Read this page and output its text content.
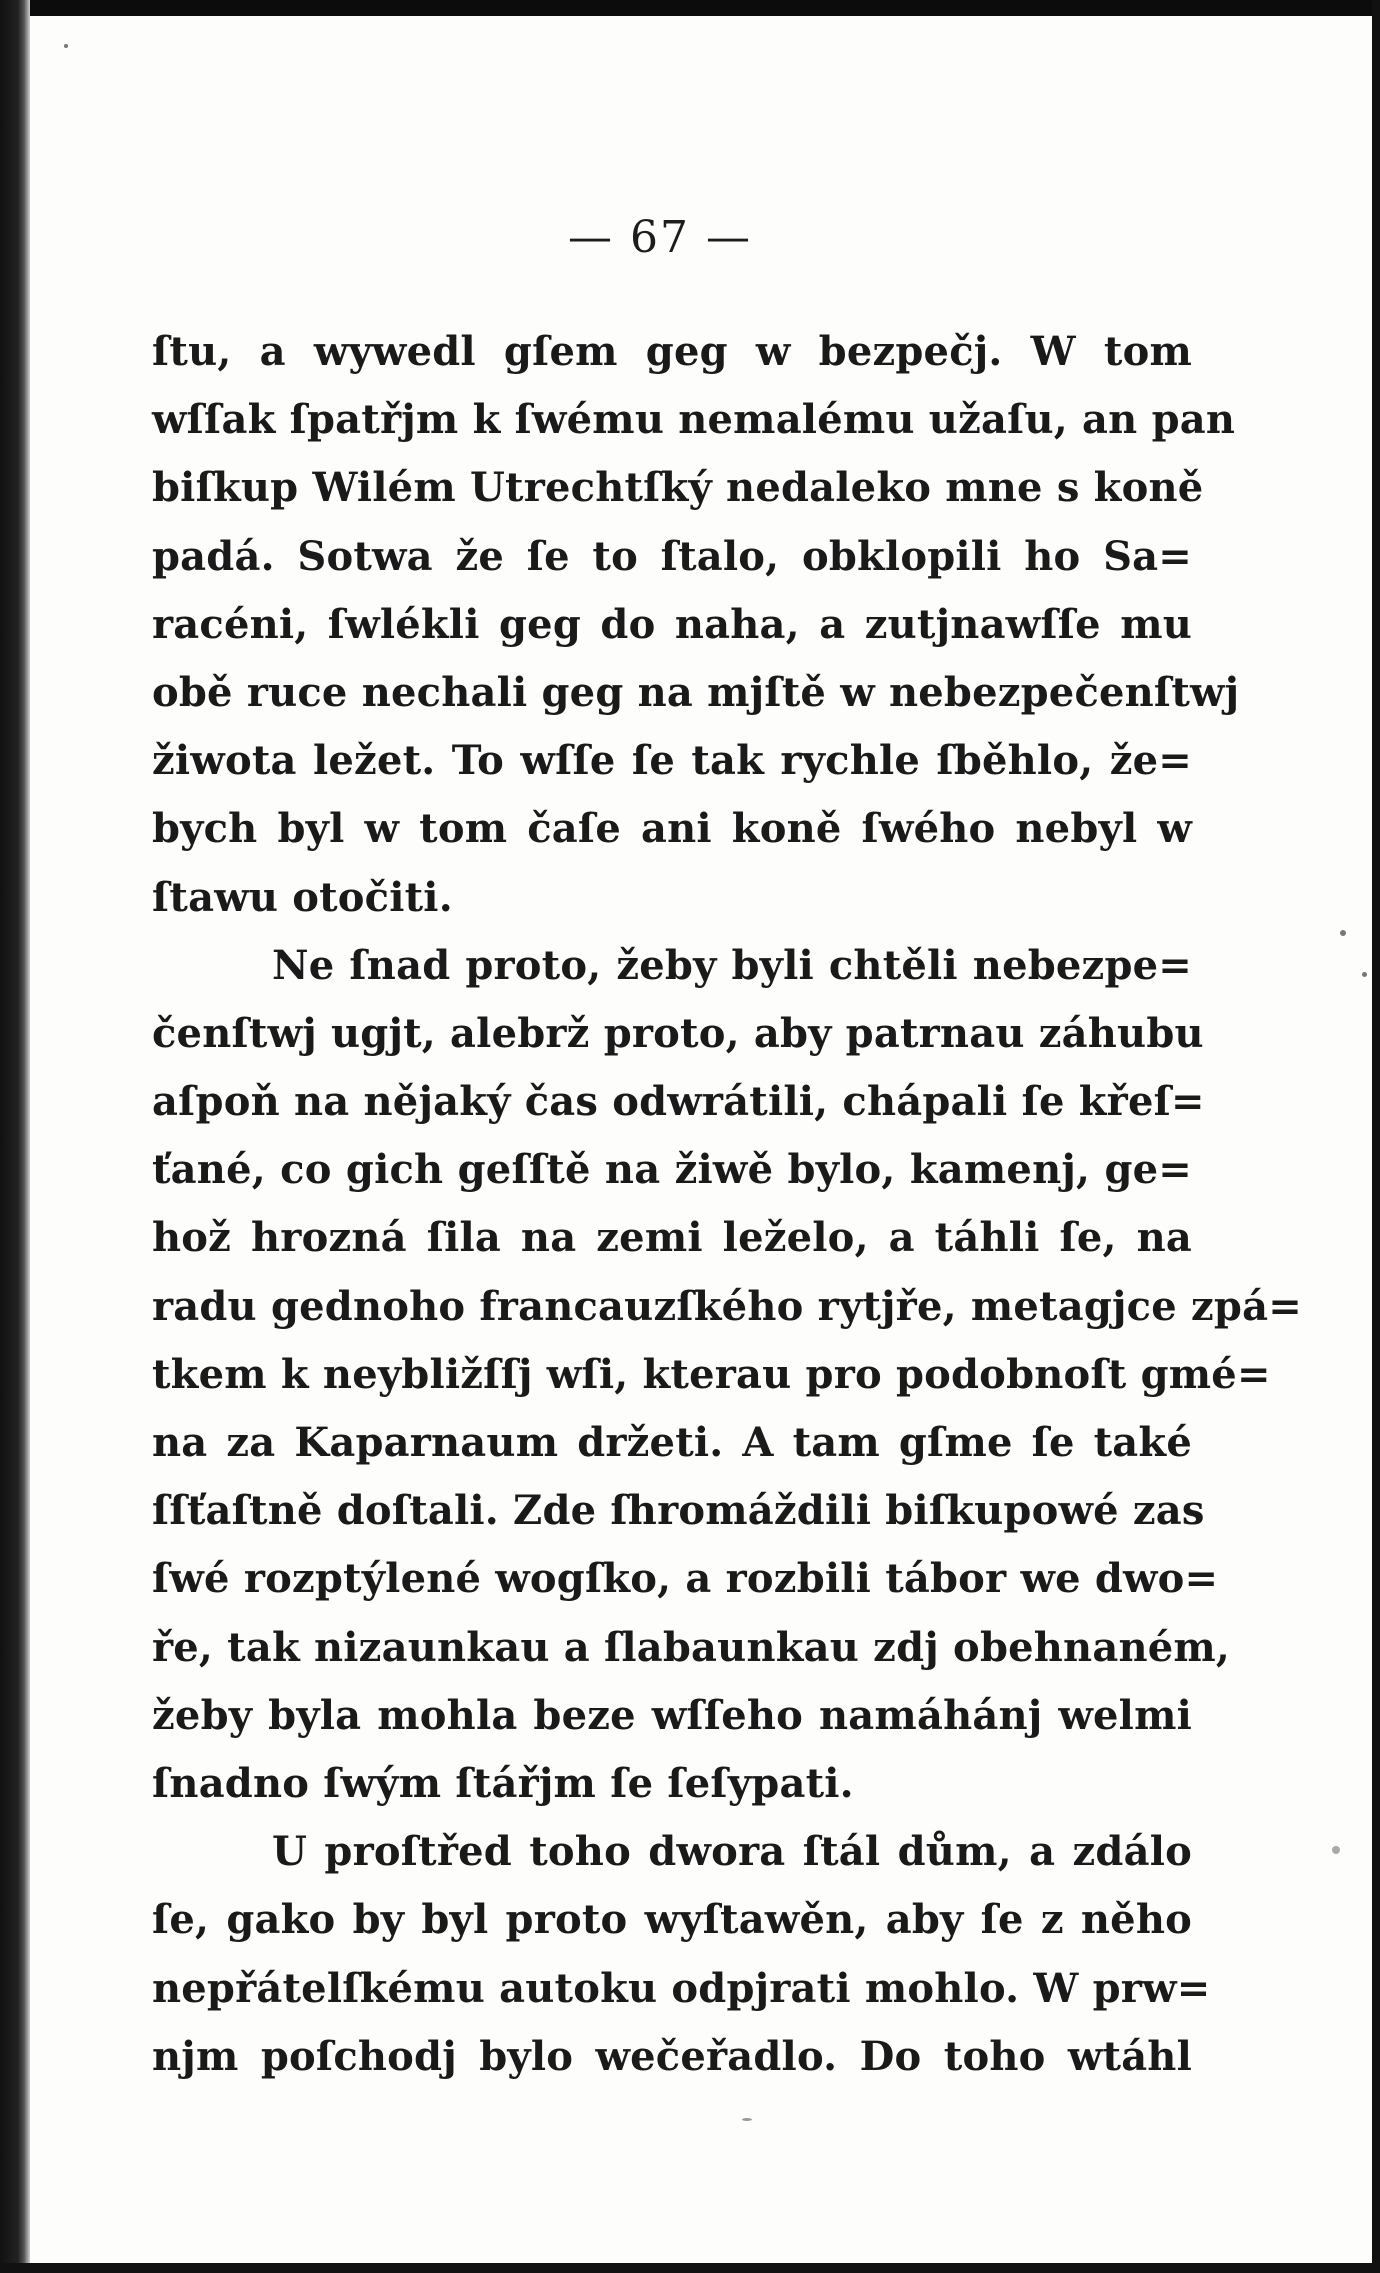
— 67 —
ſtu, a wywedl gſem geg w bezpečj. W tom
wſſak ſpatřjm k ſwému nemalému užaſu, an pan
biſkup Wilém Utrechtſký nedaleko mne s koně
padá. Sotwa že ſe to ſtalo, obklopili ho Sa=
racéni, ſwlékli geg do naha, a zutjnawſſe mu
obě ruce nechali geg na mjſtě w nebezpečenſtwj
žiwota ležet. To wſſe ſe tak rychle ſběhlo, že=
bych byl w tom čaſe ani koně ſwého nebyl w
ſtawu otočiti.
Ne ſnad proto, žeby byli chtěli nebezpe=
čenſtwj ugjt, alebrž proto, aby patrnau záhubu
aſpoň na nějaký čas odwrátili, chápali ſe křeſ=
ťané, co gich geſſtě na žiwě bylo, kamenj, ge=
hož hrozná ſila na zemi leželo, a táhli ſe, na
radu gednoho francauzſkého rytjře, metagjce zpá=
tkem k neybližſſj wſi, kterau pro podobnoſt gmé=
na za Kaparnaum držeti. A tam gſme ſe také
ſſťaſtně doſtali. Zde ſhromáždili biſkupowé zas
ſwé rozptýlené wogſko, a rozbili tábor we dwo=
ře, tak nizaunkau a ſlabaunkau zdj obehnaném,
žeby byla mohla beze wſſeho namáhánj welmi
ſnadno ſwým ſtářjm ſe ſeſypati.
U proſtřed toho dwora ſtál dům, a zdálo
ſe, gako by byl proto wyſtawěn, aby ſe z něho
nepřátelſkému autoku odpjrati mohlo. W prw=
njm poſchodj bylo wečeřadlo. Do toho wtáhl
